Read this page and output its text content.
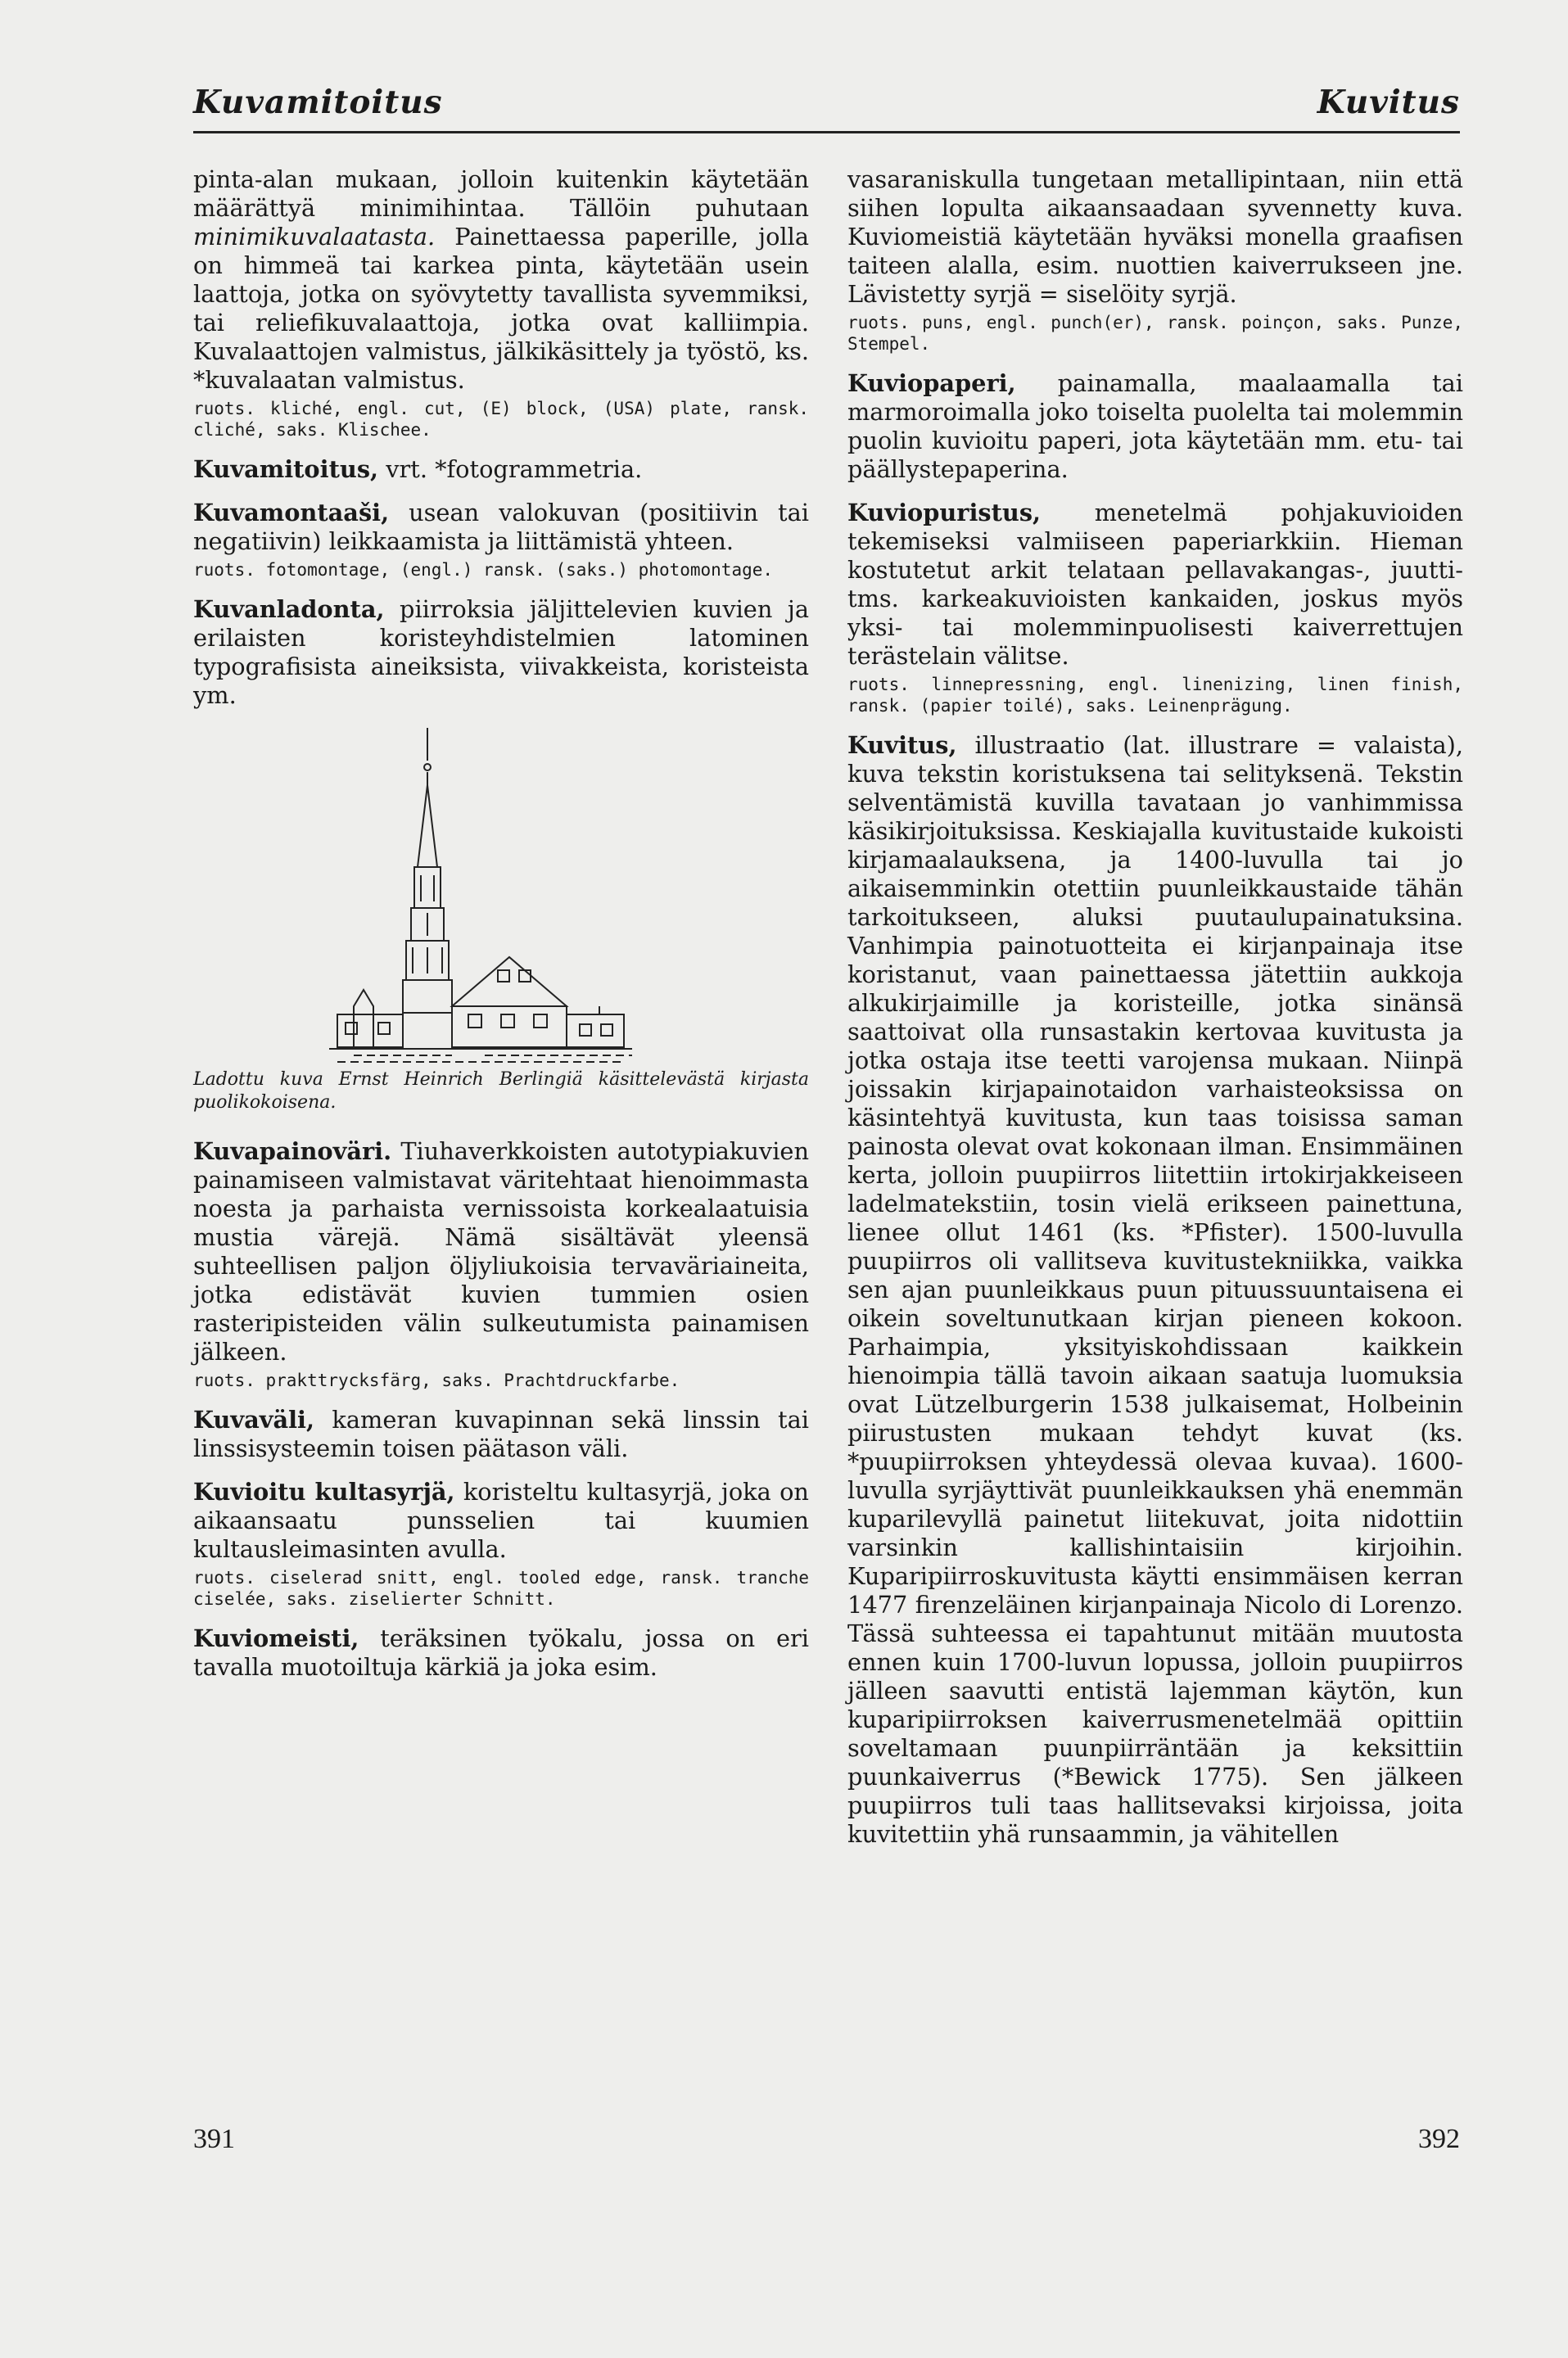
Kuvamitoitus	Kuvitus

pinta-alan mukaan, jolloin kuitenkin käytetään määrättyä minimihintaa. Tällöin puhutaan minimikuvalaatasta. Painettaessa paperille, jolla on himmeä tai karkea pinta, käytetään usein laattoja, jotka on syövytetty tavallista syvemmiksi, tai reliefikuvalaattoja, jotka ovat kalliimpia. Kuvalaattojen valmistus, jälkikäsittely ja työstö, ks. *kuvalaatan valmistus.

ruots. kliché, engl. cut, (E) block, (USA) plate, ransk. cliché, saks. Klischee.

Kuvamitoitus, vrt. *fotogrammetria.

Kuvamontaaši, usean valokuvan (positiivin tai negatiivin) leikkaamista ja liittämistä yhteen.

ruots. fotomontage, (engl.) ransk. (saks.) photomontage.

Kuvanladonta, piirroksia jäljittelevien kuvien ja erilaisten koristeyhdistelmien latominen typografisista aineiksista, viivakkeista, koristeista ym.

Ladottu kuva Ernst Heinrich Berlingiä käsittelevästä kirjasta puolikokoisena.

Kuvapainoväri. Tiuhaverkkoisten autotypiakuvien painamiseen valmistavat väritehtaat hienoimmasta noesta ja parhaista vernissoista korkealaatuisia mustia värejä. Nämä sisältävät yleensä suhteellisen paljon öljyliukoisia tervaväriaineita, jotka edistävät kuvien tummien osien rasteripisteiden välin sulkeutumista painamisen jälkeen.

ruots. prakttrycksfärg, saks. Prachtdruckfarbe.

Kuvaväli, kameran kuvapinnan sekä linssin tai linssisysteemin toisen päätason väli.

Kuvioitu kultasyrjä, koristeltu kultasyrjä, joka on aikaansaatu punsselien tai kuumien kultausleimasinten avulla.

ruots. ciselerad snitt, engl. tooled edge, ransk. tranche ciselée, saks. ziselierter Schnitt.

Kuviomeisti, teräksinen työkalu, jossa on eri tavalla muotoiltuja kärkiä ja joka esim.

vasaraniskulla tungetaan metallipintaan, niin että siihen lopulta aikaansaadaan syvennetty kuva. Kuviomeistiä käytetään hyväksi monella graafisen taiteen alalla, esim. nuottien kaiverrukseen jne. Lävistetty syrjä = siselöity syrjä.

ruots. puns, engl. punch(er), ransk. poinçon, saks. Punze, Stempel.

Kuviopaperi, painamalla, maalaamalla tai marmoroimalla joko toiselta puolelta tai molemmin puolin kuvioitu paperi, jota käytetään mm. etu- tai päällystepaperina.

Kuviopuristus, menetelmä pohjakuvioiden tekemiseksi valmiiseen paperiarkkiin. Hieman kostutetut arkit telataan pellavakangas-, juutti- tms. karkeakuvioisten kankaiden, joskus myös yksi- tai molemminpuolisesti kaiverrettujen terästelain välitse.

ruots. linnepressning, engl. linenizing, linen finish, ransk. (papier toilé), saks. Leinenprägung.

Kuvitus, illustraatio (lat. illustrare = valaista), kuva tekstin koristuksena tai selityksenä. Tekstin selventämistä kuvilla tavataan jo vanhimmissa käsikirjoituksissa. Keskiajalla kuvitustaide kukoisti kirjamaalauksena, ja 1400-luvulla tai jo aikaisemminkin otettiin puunleikkaustaide tähän tarkoitukseen, aluksi puutaulupainatuksina. Vanhimpia painotuotteita ei kirjanpainaja itse koristanut, vaan painettaessa jätettiin aukkoja alkukirjaimille ja koristeille, jotka sinänsä saattoivat olla runsastakin kertovaa kuvitusta ja jotka ostaja itse teetti varojensa mukaan. Niinpä joissakin kirjapainotaidon varhaisteoksissa on käsintehtyä kuvitusta, kun taas toisissa saman painosta olevat ovat kokonaan ilman. Ensimmäinen kerta, jolloin puupiirros liitettiin irtokirjakkeiseen ladelmatekstiin, tosin vielä erikseen painettuna, lienee ollut 1461 (ks. *Pfister). 1500-luvulla puupiirros oli vallitseva kuvitustekniikka, vaikka sen ajan puunleikkaus puun pituussuuntaisena ei oikein soveltunutkaan kirjan pieneen kokoon. Parhaimpia, yksityiskohdissaan kaikkein hienoimpia tällä tavoin aikaan saatuja luomuksia ovat Lützelburgerin 1538 julkaisemat, Holbeinin piirustusten mukaan tehdyt kuvat (ks. *puupiirroksen yhteydessä olevaa kuvaa). 1600-luvulla syrjäyttivät puunleikkauksen yhä enemmän kuparilevyllä painetut liitekuvat, joita nidottiin varsinkin kallishintaisiin kirjoihin. Kuparipiirroskuvitusta käytti ensimmäisen kerran 1477 firenzeläinen kirjanpainaja Nicolo di Lorenzo. Tässä suhteessa ei tapahtunut mitään muutosta ennen kuin 1700-luvun lopussa, jolloin puupiirros jälleen saavutti entistä lajemman käytön, kun kuparipiirroksen kaiverrusmenetelmää opittiin soveltamaan puunpiirräntään ja keksittiin puunkaiverrus (*Bewick 1775). Sen jälkeen puupiirros tuli taas hallitsevaksi kirjoissa, joita kuvitettiin yhä runsaammin, ja vähitellen

391	392
